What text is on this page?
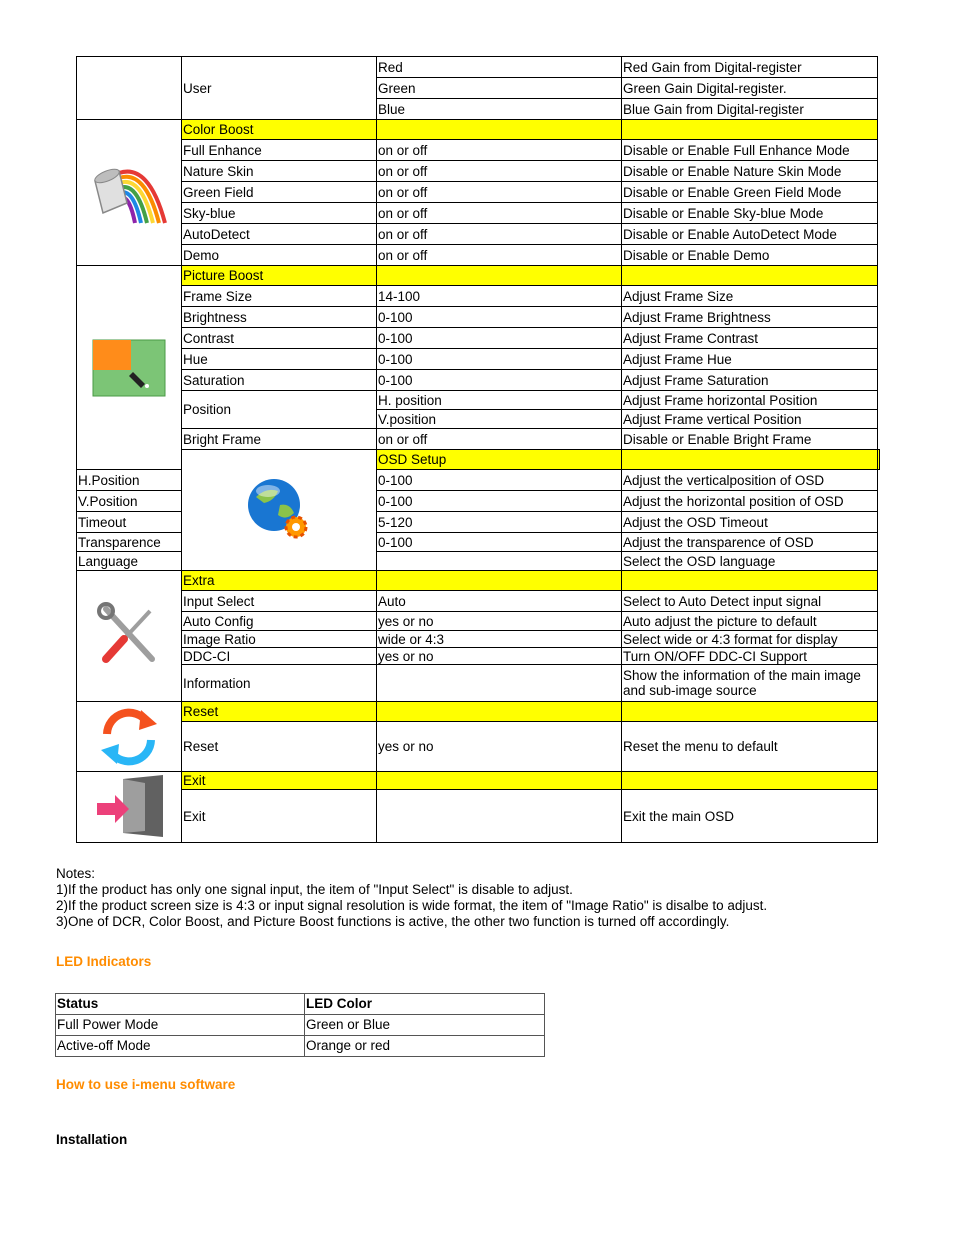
	User	Red	Red Gain from Digital-register	
		Green	Green Gain Digital-register.	
		Blue	Blue Gain from Digital-register	

	Color Boost			
	Full Enhance	on or off	Disable or Enable Full Enhance Mode	
	Nature Skin	on or off	Disable or Enable Nature Skin Mode	
	Green Field	on or off	Disable or Enable Green Field Mode	
	Sky-blue	on or off	Disable or Enable Sky-blue Mode	
	AutoDetect	on or off	Disable or Enable AutoDetect Mode	
	Demo	on or off	Disable or Enable Demo	

	Picture Boost			
	Frame Size	14-100	Adjust Frame Size	
	Brightness	0-100	Adjust Frame Brightness	
	Contrast	0-100	Adjust Frame Contrast	
	Hue	0-100	Adjust Frame Hue	
	Saturation	0-100	Adjust Frame Saturation	
	Position	H. position	Adjust Frame horizontal Position	
		V.position	Adjust Frame vertical Position	
	Bright Frame	on or off	Disable or Enable Bright Frame	

	OSD Setup		
H.Position		0-100	Adjust the verticalposition of OSD	
V.Position		0-100	Adjust the horizontal position of OSD	
Timeout		5-120	Adjust the OSD Timeout	
Transparence		0-100	Adjust the transparence of OSD	
Language			Select the OSD language	

	Extra			
	Input Select	Auto	Select to Auto Detect input signal	
	Auto Config	yes or no	Auto adjust the picture to default	
	Image Ratio	wide or 4:3	Select wide or 4:3 format for display	
	DDC-CI	yes or no	Turn ON/OFF DDC-CI Support	
	Information		Show the information of the main image and sub-image source	

	Reset			
	Reset	yes or no	Reset the menu to default	

	Exit			
	Exit		Exit the main OSD	
Notes:
1)If the product has only one signal input, the item of "Input Select" is disable to adjust.
2)If the product screen size is 4:3 or input signal resolution is wide format, the item of "Image Ratio" is disalbe to adjust.
3)One of DCR, Color Boost, and Picture Boost functions is active, the other two function is turned off accordingly.
LED Indicators
Status	LED Color
Full Power Mode	Green or Blue
Active-off Mode	Orange or red
How to use i-menu software
Installation
